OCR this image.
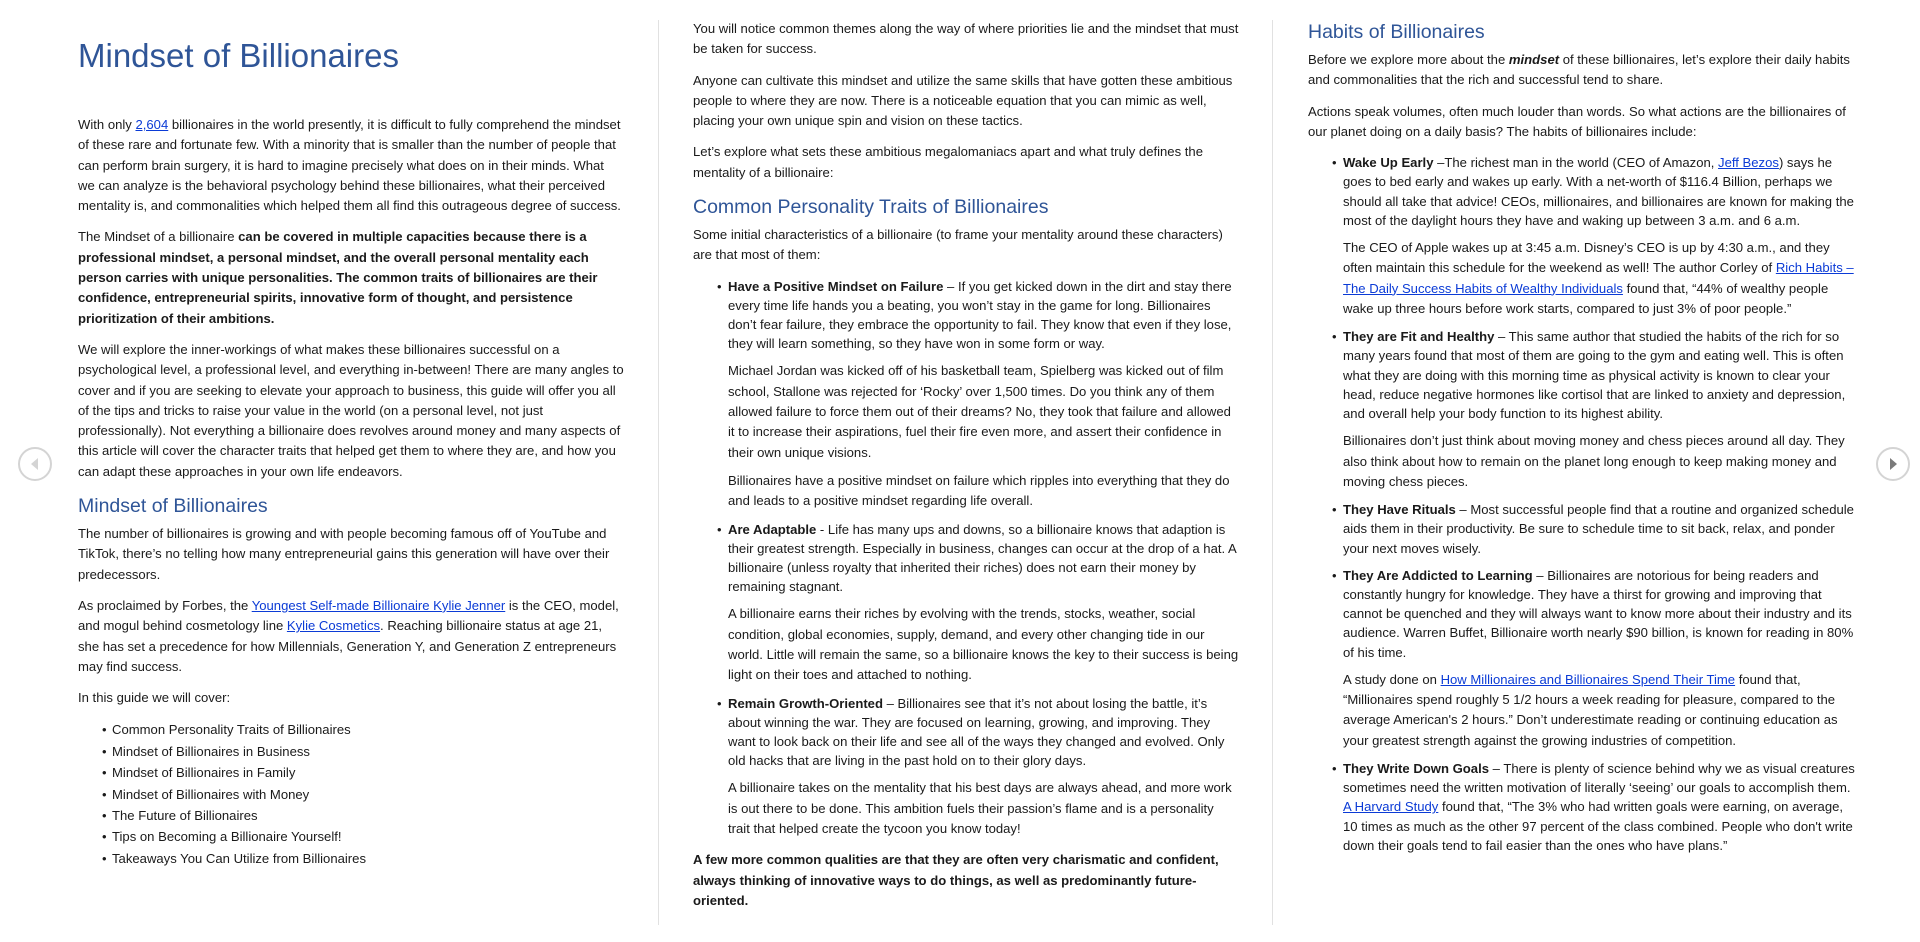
Mindset of Billionaires

With only 2,604 billionaires in the world presently, it is difficult to fully comprehend the mindset of these rare and fortunate few. With a minority that is smaller than the number of people that can perform brain surgery, it is hard to imagine precisely what does on in their minds. What we can analyze is the behavioral psychology behind these billionaires, what their perceived mentality is, and commonalities which helped them all find this outrageous degree of success.

The Mindset of a billionaire can be covered in multiple capacities because there is a professional mindset, a personal mindset, and the overall personal mentality each person carries with unique personalities. The common traits of billionaires are their confidence, entrepreneurial spirits, innovative form of thought, and persistence prioritization of their ambitions.

We will explore the inner-workings of what makes these billionaires successful on a psychological level, a professional level, and everything in-between! There are many angles to cover and if you are seeking to elevate your approach to business, this guide will offer you all of the tips and tricks to raise your value in the world (on a personal level, not just professionally). Not everything a billionaire does revolves around money and many aspects of this article will cover the character traits that helped get them to where they are, and how you can adapt these approaches in your own life endeavors.

Mindset of Billionaires

The number of billionaires is growing and with people becoming famous off of YouTube and TikTok, there’s no telling how many entrepreneurial gains this generation will have over their predecessors.

As proclaimed by Forbes, the Youngest Self-made Billionaire Kylie Jenner is the CEO, model, and mogul behind cosmetology line Kylie Cosmetics. Reaching billionaire status at age 21, she has set a precedence for how Millennials, Generation Y, and Generation Z entrepreneurs may find success.

In this guide we will cover:

• Common Personality Traits of Billionaires
• Mindset of Billionaires in Business
• Mindset of Billionaires in Family
• Mindset of Billionaires with Money
• The Future of Billionaires
• Tips on Becoming a Billionaire Yourself!
• Takeaways You Can Utilize from Billionaires

You will notice common themes along the way of where priorities lie and the mindset that must be taken for success.

Anyone can cultivate this mindset and utilize the same skills that have gotten these ambitious people to where they are now. There is a noticeable equation that you can mimic as well, placing your own unique spin and vision on these tactics.

Let’s explore what sets these ambitious megalomaniacs apart and what truly defines the mentality of a billionaire:

Common Personality Traits of Billionaires

Some initial characteristics of a billionaire (to frame your mentality around these characters) are that most of them:

• Have a Positive Mindset on Failure – If you get kicked down in the dirt and stay there every time life hands you a beating, you won’t stay in the game for long. Billionaires don’t fear failure, they embrace the opportunity to fail. They know that even if they lose, they will learn something, so they have won in some form or way.

Michael Jordan was kicked off of his basketball team, Spielberg was kicked out of film school, Stallone was rejected for ‘Rocky’ over 1,500 times. Do you think any of them allowed failure to force them out of their dreams? No, they took that failure and allowed it to increase their aspirations, fuel their fire even more, and assert their confidence in their own unique visions.

Billionaires have a positive mindset on failure which ripples into everything that they do and leads to a positive mindset regarding life overall.

• Are Adaptable - Life has many ups and downs, so a billionaire knows that adaption is their greatest strength. Especially in business, changes can occur at the drop of a hat. A billionaire (unless royalty that inherited their riches) does not earn their money by remaining stagnant.

A billionaire earns their riches by evolving with the trends, stocks, weather, social condition, global economies, supply, demand, and every other changing tide in our world. Little will remain the same, so a billionaire knows the key to their success is being light on their toes and attached to nothing.

• Remain Growth-Oriented – Billionaires see that it’s not about losing the battle, it’s about winning the war. They are focused on learning, growing, and improving. They want to look back on their life and see all of the ways they changed and evolved. Only old hacks that are living in the past hold on to their glory days.

A billionaire takes on the mentality that his best days are always ahead, and more work is out there to be done. This ambition fuels their passion’s flame and is a personality trait that helped create the tycoon you know today!

A few more common qualities are that they are often very charismatic and confident, always thinking of innovative ways to do things, as well as predominantly future-oriented.

Habits of Billionaires

Before we explore more about the mindset of these billionaires, let’s explore their daily habits and commonalities that the rich and successful tend to share.

Actions speak volumes, often much louder than words. So what actions are the billionaires of our planet doing on a daily basis? The habits of billionaires include:

• Wake Up Early –The richest man in the world (CEO of Amazon, Jeff Bezos) says he goes to bed early and wakes up early. With a net-worth of $116.4 Billion, perhaps we should all take that advice! CEOs, millionaires, and billionaires are known for making the most of the daylight hours they have and waking up between 3 a.m. and 6 a.m.

The CEO of Apple wakes up at 3:45 a.m. Disney’s CEO is up by 4:30 a.m., and they often maintain this schedule for the weekend as well! The author Corley of Rich Habits – The Daily Success Habits of Wealthy Individuals found that, “44% of wealthy people wake up three hours before work starts, compared to just 3% of poor people.”

• They are Fit and Healthy – This same author that studied the habits of the rich for so many years found that most of them are going to the gym and eating well. This is often what they are doing with this morning time as physical activity is known to clear your head, reduce negative hormones like cortisol that are linked to anxiety and depression, and overall help your body function to its highest ability.

Billionaires don’t just think about moving money and chess pieces around all day. They also think about how to remain on the planet long enough to keep making money and moving chess pieces.

• They Have Rituals – Most successful people find that a routine and organized schedule aids them in their productivity. Be sure to schedule time to sit back, relax, and ponder your next moves wisely.
• They Are Addicted to Learning – Billionaires are notorious for being readers and constantly hungry for knowledge. They have a thirst for growing and improving that cannot be quenched and they will always want to know more about their industry and its audience. Warren Buffet, Billionaire worth nearly $90 billion, is known for reading in 80% of his time.

A study done on How Millionaires and Billionaires Spend Their Time found that, “Millionaires spend roughly 5 1/2 hours a week reading for pleasure, compared to the average American's 2 hours.” Don’t underestimate reading or continuing education as your greatest strength against the growing industries of competition.

• They Write Down Goals – There is plenty of science behind why we as visual creatures sometimes need the written motivation of literally ‘seeing’ our goals to accomplish them. A Harvard Study found that, “The 3% who had written goals were earning, on average, 10 times as much as the other 97 percent of the class combined. People who don't write down their goals tend to fail easier than the ones who have plans.”
